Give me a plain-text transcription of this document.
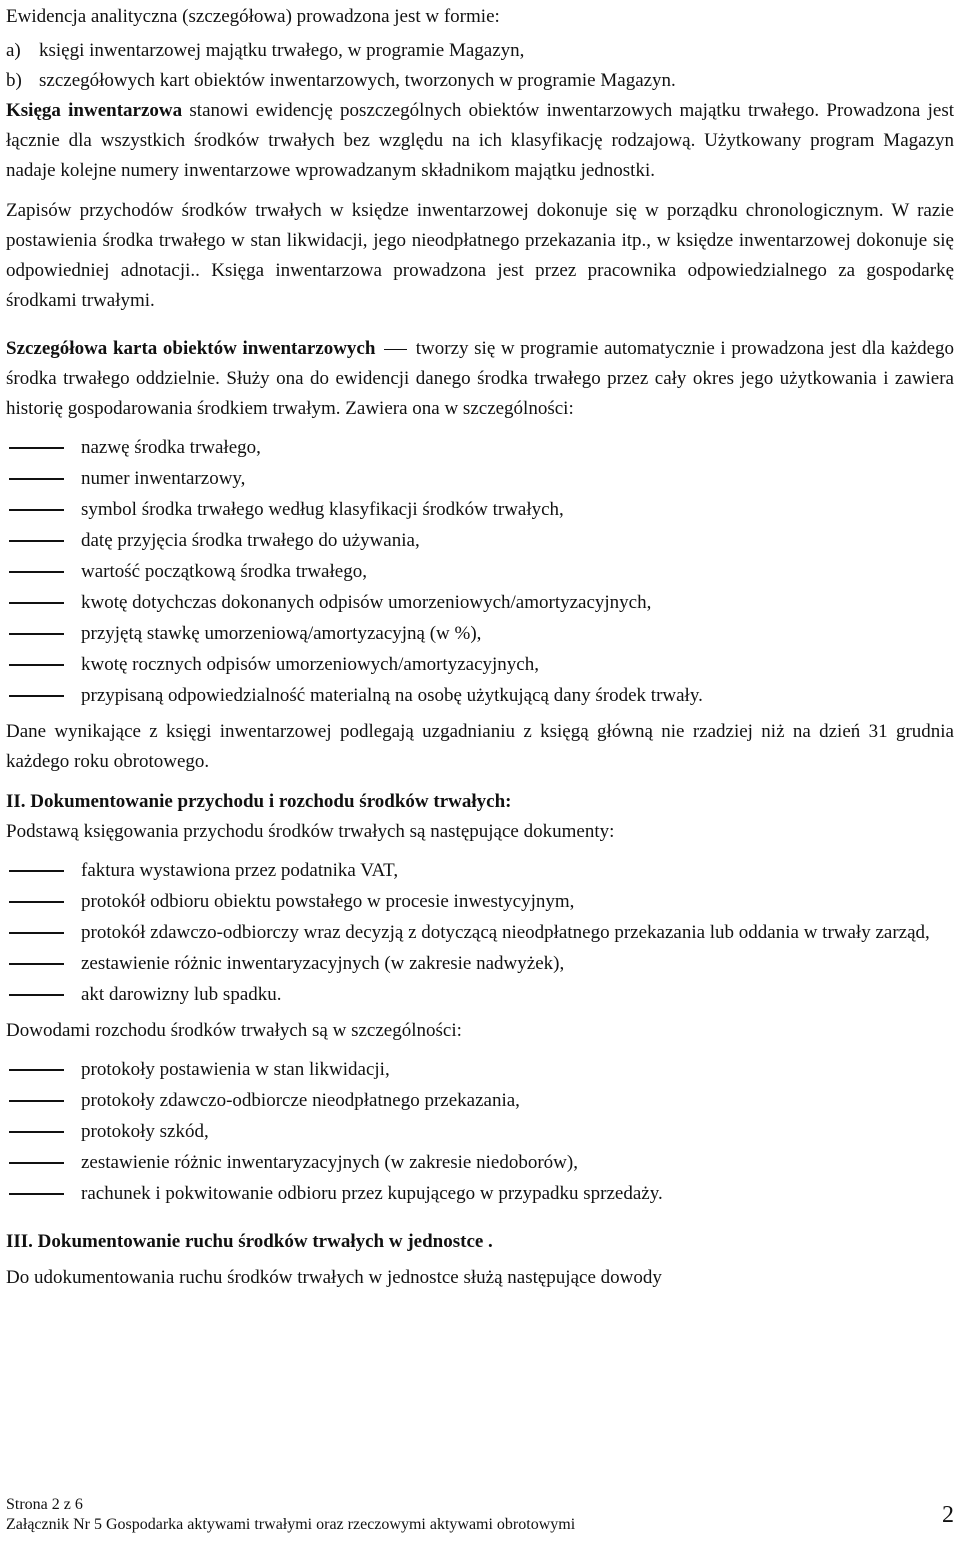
Ewidencja analityczna (szczegółowa) prowadzona jest w formie:

a) księgi inwentarzowej majątku trwałego, w programie Magazyn,
b) szczegółowych kart obiektów inwentarzowych, tworzonych w programie Magazyn.

Księga inwentarzowa stanowi ewidencję poszczególnych obiektów inwentarzowych majątku trwałego. Prowadzona jest łącznie dla wszystkich środków trwałych bez względu na ich klasyfikację rodzajową. Użytkowany program Magazyn nadaje kolejne numery inwentarzowe wprowadzanym składnikom majątku jednostki.

Zapisów przychodów środków trwałych w księdze inwentarzowej dokonuje się w porządku chronologicznym. W razie postawienia środka trwałego w stan likwidacji, jego nieodpłatnego przekazania itp., w księdze inwentarzowej dokonuje się odpowiedniej adnotacji.. Księga inwentarzowa prowadzona jest przez pracownika odpowiedzialnego za gospodarkę środkami trwałymi.

Szczegółowa karta obiektów inwentarzowych tworzy się w programie automatycznie i prowadzona jest dla każdego środka trwałego oddzielnie. Służy ona do ewidencji danego środka trwałego przez cały okres jego użytkowania i zawiera historię gospodarowania środkiem trwałym. Zawiera ona w szczególności:

nazwę środka trwałego,
numer inwentarzowy,
symbol środka trwałego według klasyfikacji środków trwałych,
datę przyjęcia środka trwałego do używania,
wartość początkową środka trwałego,
kwotę dotychczas dokonanych odpisów umorzeniowych/amortyzacyjnych,
przyjętą stawkę umorzeniową/amortyzacyjną (w %),
kwotę rocznych odpisów umorzeniowych/amortyzacyjnych,
przypisaną odpowiedzialność materialną na osobę użytkującą dany środek trwały.

Dane wynikające z księgi inwentarzowej podlegają uzgadnianiu z księgą główną nie rzadziej niż na dzień 31 grudnia każdego roku obrotowego.

II. Dokumentowanie przychodu i rozchodu środków trwałych:

Podstawą księgowania przychodu środków trwałych są następujące dokumenty:

faktura wystawiona przez podatnika VAT,
protokół odbioru obiektu powstałego w procesie inwestycyjnym,
protokół zdawczo-odbiorczy wraz decyzją z dotyczącą nieodpłatnego przekazania lub oddania w trwały zarząd,
zestawienie różnic inwentaryzacyjnych (w zakresie nadwyżek),
akt darowizny lub spadku.

Dowodami rozchodu środków trwałych są w szczególności:

protokoły postawienia w stan likwidacji,
protokoły zdawczo-odbiorcze nieodpłatnego przekazania,
protokoły szkód,
zestawienie różnic inwentaryzacyjnych (w zakresie niedoborów),
rachunek i pokwitowanie odbioru przez kupującego w przypadku sprzedaży.

III. Dokumentowanie ruchu środków trwałych w jednostce .

Do udokumentowania ruchu środków trwałych w jednostce służą następujące dowody

Strona 2 z 6
Załącznik Nr 5 Gospodarka aktywami trwałymi oraz rzeczowymi aktywami obrotowymi	2
